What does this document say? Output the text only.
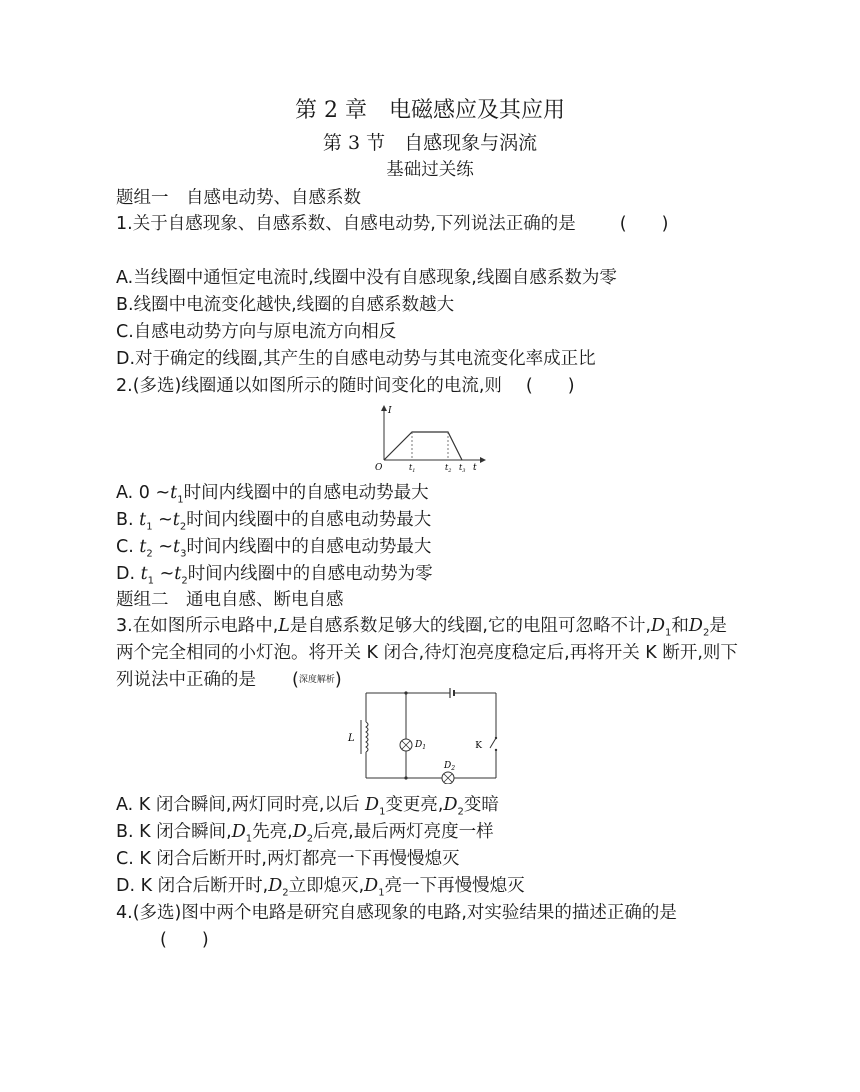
第 2 章　电磁感应及其应用
第 3 节　自感现象与涡流
基础过关练
题组一　自感电动势、自感系数
1.关于自感现象、自感系数、自感电动势,下列说法正确的是	(　　)
A.当线圈中通恒定电流时,线圈中没有自感现象,线圈自感系数为零
B.线圈中电流变化越快,线圈的自感系数越大
C.自感电动势方向与原电流方向相反
D.对于确定的线圈,其产生的自感电动势与其电流变化率成正比
2.(多选)线圈通以如图所示的随时间变化的电流,则 (　　)
I
t
O	$t_1$	$t_2$ $t_3$
A. 0 $\sim t_1$时间内线圈中的自感电动势最大
B. $t_1$ $\sim t_2$时间内线圈中的自感电动势最大
C. $t_2$ $\sim t_3$时间内线圈中的自感电动势最大
D. $t_1$ $\sim t_2$时间内线圈中的自感电动势为零
题组二　通电自感、断电自感
3.在如图所示电路中,L是自感系数足够大的线圈,它的电阻可忽略不计$,D_1$和$D_2$是
两个完全相同的小灯泡。将开关 K 闭合,待灯泡亮度稳定后,再将开关 K 断开,则下
列说法中正确的是 (深度解析)
K
$D_2$
L
$D_1$
A. K 闭合瞬间,两灯同时亮,以后 $D_1$变更亮$,D_2$变暗
B. K 闭合瞬间$,D_1$先亮$,D_2$后亮,最后两灯亮度一样
C. K 闭合后断开时,两灯都亮一下再慢慢熄灭
D. K 闭合后断开时$,D_2$立即熄灭$,D_1$亮一下再慢慢熄灭
4.(多选)图中两个电路是研究自感现象的电路,对实验结果的描述正确的是
(　　)
